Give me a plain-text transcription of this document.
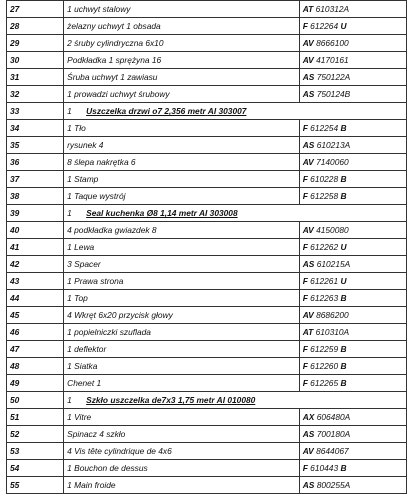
27	1 uchwyt stalowy	AT 610312A
28	żelazny uchwyt 1 obsada	F 612264 U
29	2 śruby cylindryczna 6x10	AV 8666100
30	Podkładka 1 sprężyna 16	AV 4170161
31	Śruba uchwyt 1 zawiasu	AS 750122A
32	1 prowadzi uchwyt śrubowy	AS 750124B
33	1 Uszczelka drzwi o7 2,356 metr AI 303007	
34	1 Tło	F 612254 B
35	rysunek 4	AS 610213A
36	8 ślepa nakrętka 6	AV 7140060
37	1 Stamp	F 610228 B
38	1 Taque wystrój	F 612258 B
39	1 Seal kuchenka Ø8 1,14 metr AI 303008	
40	4 podkładka gwiazdek 8	AV 4150080
41	1 Lewa	F 612262 U
42	3 Spacer	AS 610215A
43	1 Prawa strona	F 612261 U
44	1 Top	F 612263 B
45	4 Wkręt 6x20 przycisk głowy	AV 8686200
46	1 popielniczki szuflada	AT 610310A
47	1 deflektor	F 612259 B
48	1 Siatka	F 612260 B
49	Chenet 1	F 612265 B
50	1 Szkło uszczelka de7x3 1,75 metr AI 010080	
51	1 Vitre	AX 606480A
52	Spinacz 4 szkło	AS 700180A
53	4 Vis tête cylindrique de 4x6	AV 8644067
54	1 Bouchon de dessus	F 610443 B
55	1 Main froide	AS 800255A
